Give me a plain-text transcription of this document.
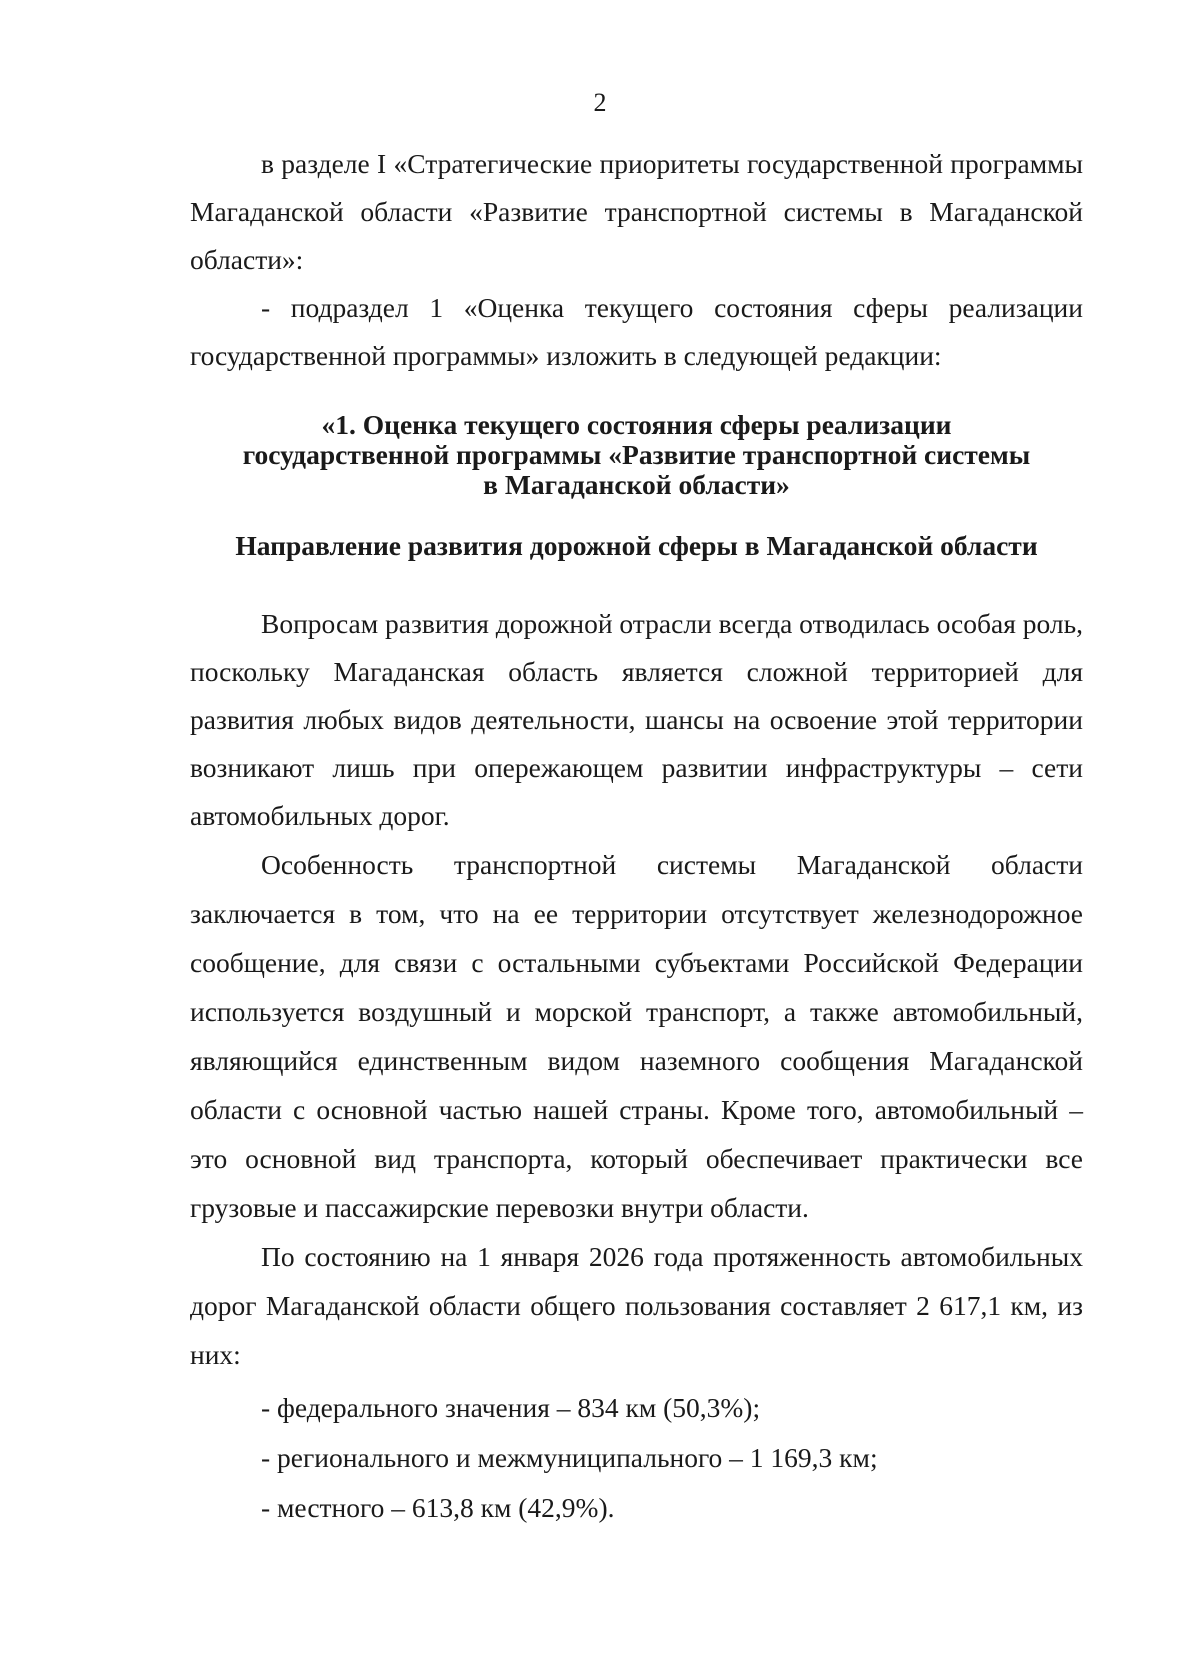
2

в разделе I «Стратегические приоритеты государственной программы Магаданской области «Развитие транспортной системы в Магаданской области»:

- подраздел 1 «Оценка текущего состояния сферы реализации государственной программы» изложить в следующей редакции:

«1. Оценка текущего состояния сферы реализации
государственной программы «Развитие транспортной системы
в Магаданской области»
Направление развития дорожной сферы в Магаданской области

Вопросам развития дорожной отрасли всегда отводилась особая роль, поскольку Магаданская область является сложной территорией для развития любых видов деятельности, шансы на освоение этой территории возникают лишь при опережающем развитии инфраструктуры – сети автомобильных дорог.

Особенность транспортной системы Магаданской области заключается в том, что на ее территории отсутствует железнодорожное сообщение, для связи с остальными субъектами Российской Федерации используется воздушный и морской транспорт, а также автомобильный, являющийся единственным видом наземного сообщения Магаданской области с основной частью нашей страны. Кроме того, автомобильный – это основной вид транспорта, который обеспечивает практически все грузовые и пассажирские перевозки внутри области.

По состоянию на 1 января 2026 года протяженность автомобильных дорог Магаданской области общего пользования составляет 2 617,1 км, из них:

- федерального значения – 834 км (50,3%);
- регионального и межмуниципального – 1 169,3 км;
- местного – 613,8 км (42,9%).
